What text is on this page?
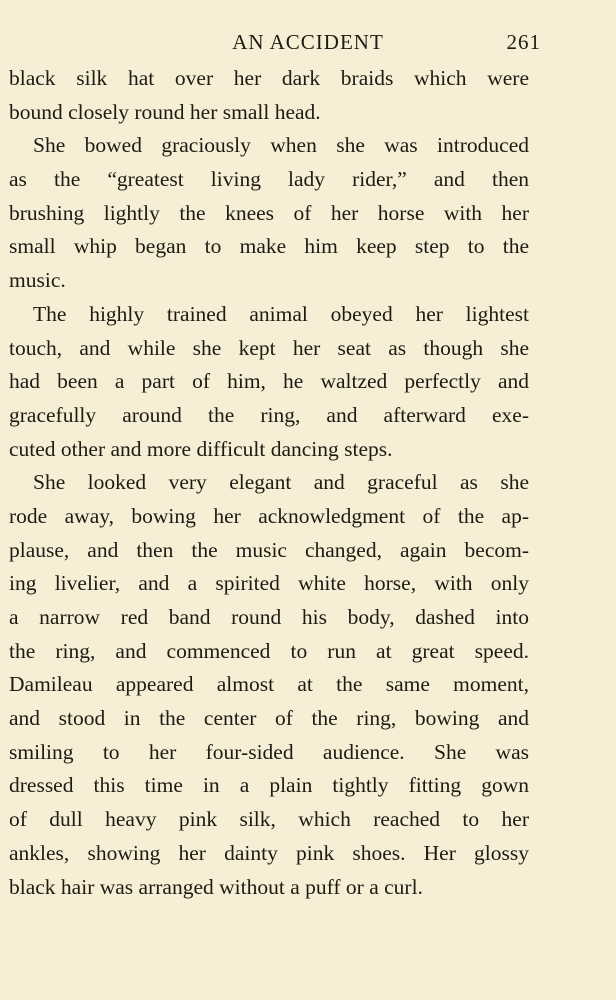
AN ACCIDENT	261
black silk hat over her dark braids which were
bound closely round her small head.
She bowed graciously when she was introduced
as the “greatest living lady rider,” and then
brushing lightly the knees of her horse with her
small whip began to make him keep step to the
music.
The highly trained animal obeyed her lightest
touch, and while she kept her seat as though she
had been a part of him, he waltzed perfectly and
gracefully around the ring, and afterward exe-
cuted other and more difficult dancing steps.
She looked very elegant and graceful as she
rode away, bowing her acknowledgment of the ap-
plause, and then the music changed, again becom-
ing livelier, and a spirited white horse, with only
a narrow red band round his body, dashed into
the ring, and commenced to run at great speed.
Damileau appeared almost at the same moment,
and stood in the center of the ring, bowing and
smiling to her four-sided audience. She was
dressed this time in a plain tightly fitting gown
of dull heavy pink silk, which reached to her
ankles, showing her dainty pink shoes. Her glossy
black hair was arranged without a puff or a curl.
